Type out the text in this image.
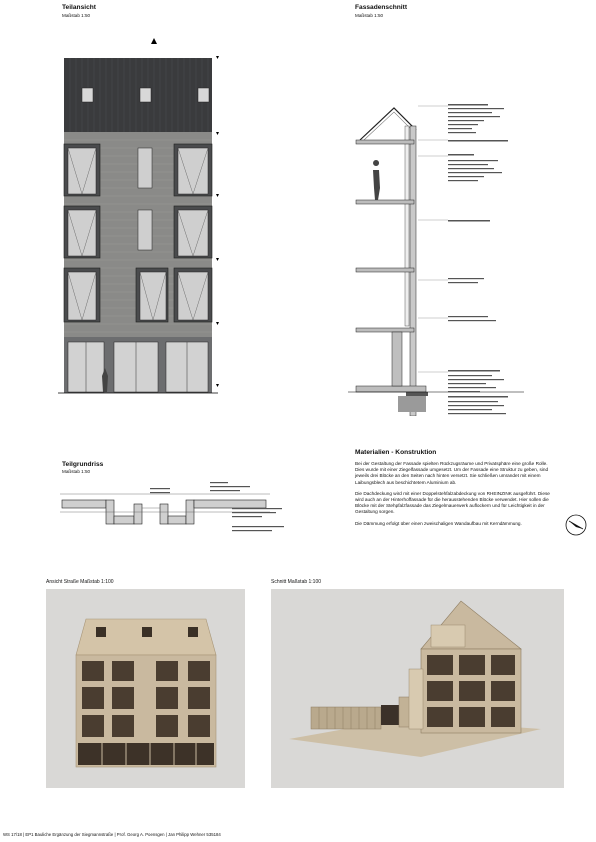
Teilansicht
Maßstab 1:50
Fassadenschnitt
Maßstab 1:50
Teilgrundriss
Maßstab 1:50
Materialien - Konstruktion

Bei der Gestaltung der Fassade spielten Rückzugsräume und Privatsphäre eine große Rolle. Dies wurde mit einer Ziegelfassade umgesetzt. Um der Fassade eine Struktur zu geben, sind jeweils drei Blöcke an den Seiten nach hinten versetzt. Sie schließen umrandet mit einem Laibungsblech aus beschichtetem Aluminium ab.

Die Dachdeckung wird mit einer Doppelstehfalzabdeckung von RHEINZINK ausgeführt. Diese wird auch an der Hinterhoffassade für die herausstehenden Blöcke verwendet. Hier sollen die Blöcke mit der Stehpfalzfassade das Ziegelmauerwerk auflockern und für Leichtigkeit in der Gestaltung sorgen.

Die Dämmung erfolgt über einen zweischaligen Wandaufbau mit Kerndämmung.

Ansicht Straße Maßstab 1:100	Schnitt Maßstab 1:100
WS 17/18 | EP1 Bauliche Ergänzung der Siegmannstraße | Prof. Georg A. Poensgen | Jan Philipp Wehner 535184
